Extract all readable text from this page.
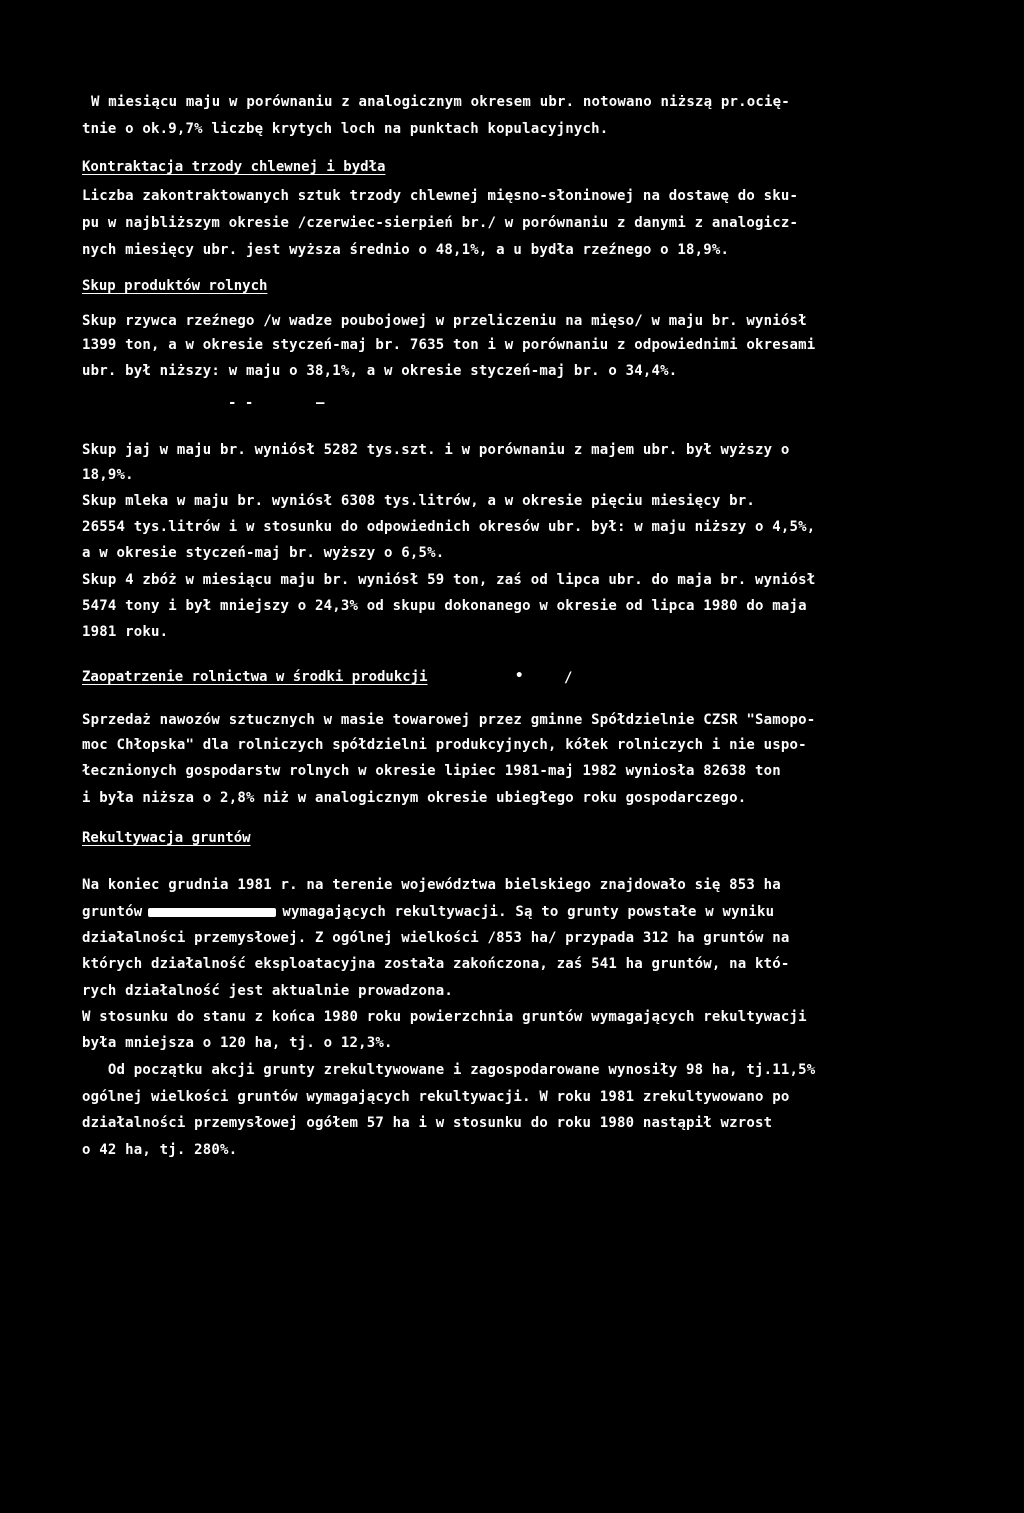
W miesiącu maju w porównaniu z analogicznym okresem ubr. notowano niższą pr.ocię-
tnie o ok.9,7% liczbę krytych loch na punktach kopulacyjnych.
Kontraktacja trzody chlewnej i bydła
Liczba zakontraktowanych sztuk trzody chlewnej mięsno-słoninowej na dostawę do sku-
pu w najbliższym okresie /czerwiec-sierpień br./ w porównaniu z danymi z analogicz-
nych miesięcy ubr. jest wyższa średnio o 48,1%, a u bydła rzeźnego o 18,9%.
Skup produktów rolnych
Skup rzywca rzeźnego /w wadze poubojowej w przeliczeniu na mięso/ w maju br. wyniósł
1399 ton, a w okresie styczeń-maj br. 7635 ton i w porównaniu z odpowiednimi okresami
ubr. był niższy: w maju o 38,1%, a w okresie styczeń-maj br. o 34,4%.
- -	—
Skup jaj w maju br. wyniósł 5282 tys.szt. i w porównaniu z majem ubr. był wyższy o
18,9%.
Skup mleka w maju br. wyniósł 6308 tys.litrów, a w okresie pięciu miesięcy br.
26554 tys.litrów i w stosunku do odpowiednich okresów ubr. był: w maju niższy o 4,5%,
a w okresie styczeń-maj br. wyższy o 6,5%.
Skup 4 zbóż w miesiącu maju br. wyniósł 59 ton, zaś od lipca ubr. do maja br. wyniósł
5474 tony i był mniejszy o 24,3% od skupu dokonanego w okresie od lipca 1980 do maja
1981 roku.
Zaopatrzenie rolnictwa w środki produkcji	•	/
Sprzedaż nawozów sztucznych w masie towarowej przez gminne Spółdzielnie CZSR "Samopo-
moc Chłopska" dla rolniczych spółdzielni produkcyjnych, kółek rolniczych i nie uspo-
łecznionych gospodarstw rolnych w okresie lipiec 1981-maj 1982 wyniosła 82638 ton
i była niższa o 2,8% niż w analogicznym okresie ubiegłego roku gospodarczego.
Rekultywacja gruntów
Na koniec grudnia 1981 r. na terenie województwa bielskiego znajdowało się 853 ha
gruntów	wymagających rekultywacji. Są to grunty powstałe w wyniku
działalności przemysłowej. Z ogólnej wielkości /853 ha/ przypada 312 ha gruntów na
których działalność eksploatacyjna została zakończona, zaś 541 ha gruntów, na któ-
rych działalność jest aktualnie prowadzona.
W stosunku do stanu z końca 1980 roku powierzchnia gruntów wymagających rekultywacji
była mniejsza o 120 ha, tj. o 12,3%.
Od początku akcji grunty zrekultywowane i zagospodarowane wynosiły 98 ha, tj.11,5%
ogólnej wielkości gruntów wymagających rekultywacji. W roku 1981 zrekultywowano po
działalności przemysłowej ogółem 57 ha i w stosunku do roku 1980 nastąpił wzrost
o 42 ha, tj. 280%.
